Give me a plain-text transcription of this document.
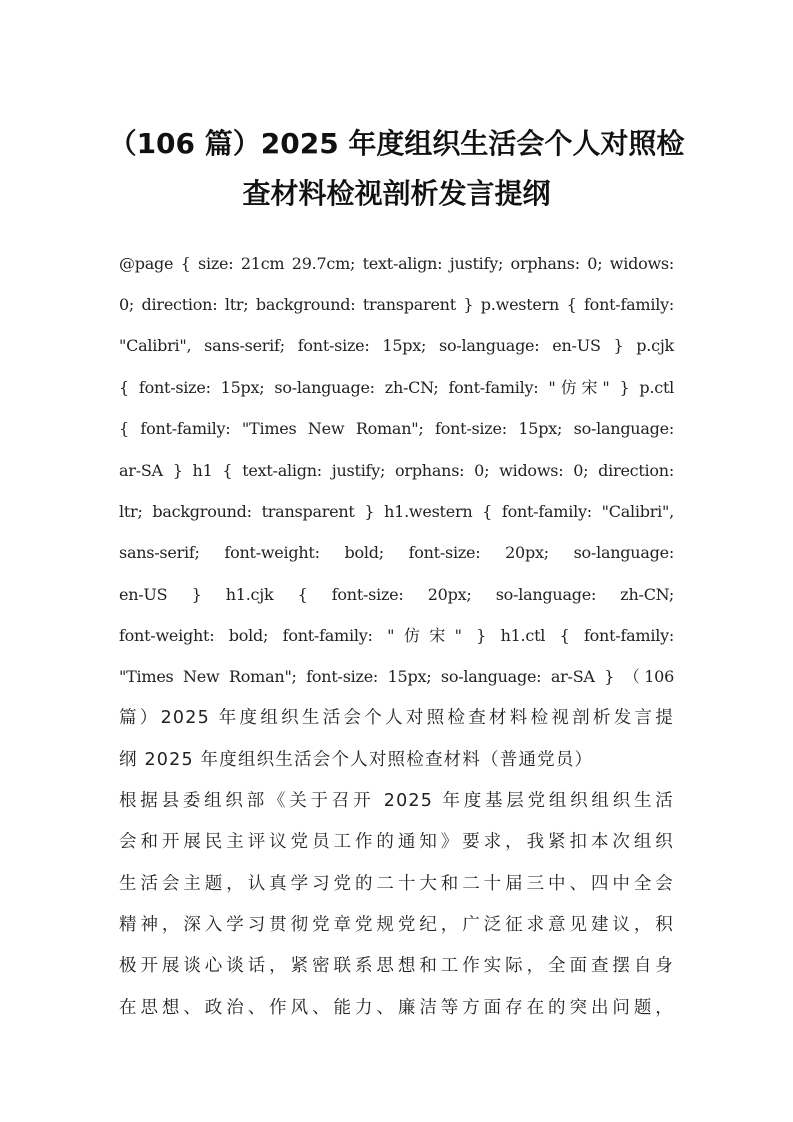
（106 篇）2025 年度组织生活会个人对照检
查材料检视剖析发言提纲

@page { size: 21cm 29.7cm; text-align: justify; orphans: 0; widows:

0; direction: ltr; background: transparent } p.western { font-family:

"Calibri", sans-serif; font-size: 15px; so-language: en-US } p.cjk

{ font-size: 15px; so-language: zh-CN; font-family: "仿宋" } p.ctl

{ font-family: "Times New Roman"; font-size: 15px; so-language:

ar-SA } h1 { text-align: justify; orphans: 0; widows: 0; direction:

ltr; background: transparent } h1.western { font-family: "Calibri",

sans-serif; font-weight: bold; font-size: 20px; so-language:

en-US } h1.cjk { font-size: 20px; so-language: zh-CN;

font-weight: bold; font-family: "仿宋" } h1.ctl { font-family:

"Times New Roman"; font-size: 15px; so-language: ar-SA } （106

篇）2025 年度组织生活会个人对照检查材料检视剖析发言提

纲 2025 年度组织生活会个人对照检查材料（普通党员）

根据县委组织部《关于召开 2025 年度基层党组织组织生活

会和开展民主评议党员工作的通知》要求，我紧扣本次组织

生活会主题，认真学习党的二十大和二十届三中、四中全会

精神，深入学习贯彻党章党规党纪，广泛征求意见建议，积

极开展谈心谈话，紧密联系思想和工作实际，全面查摆自身

在思想、政治、作风、能力、廉洁等方面存在的突出问题，
